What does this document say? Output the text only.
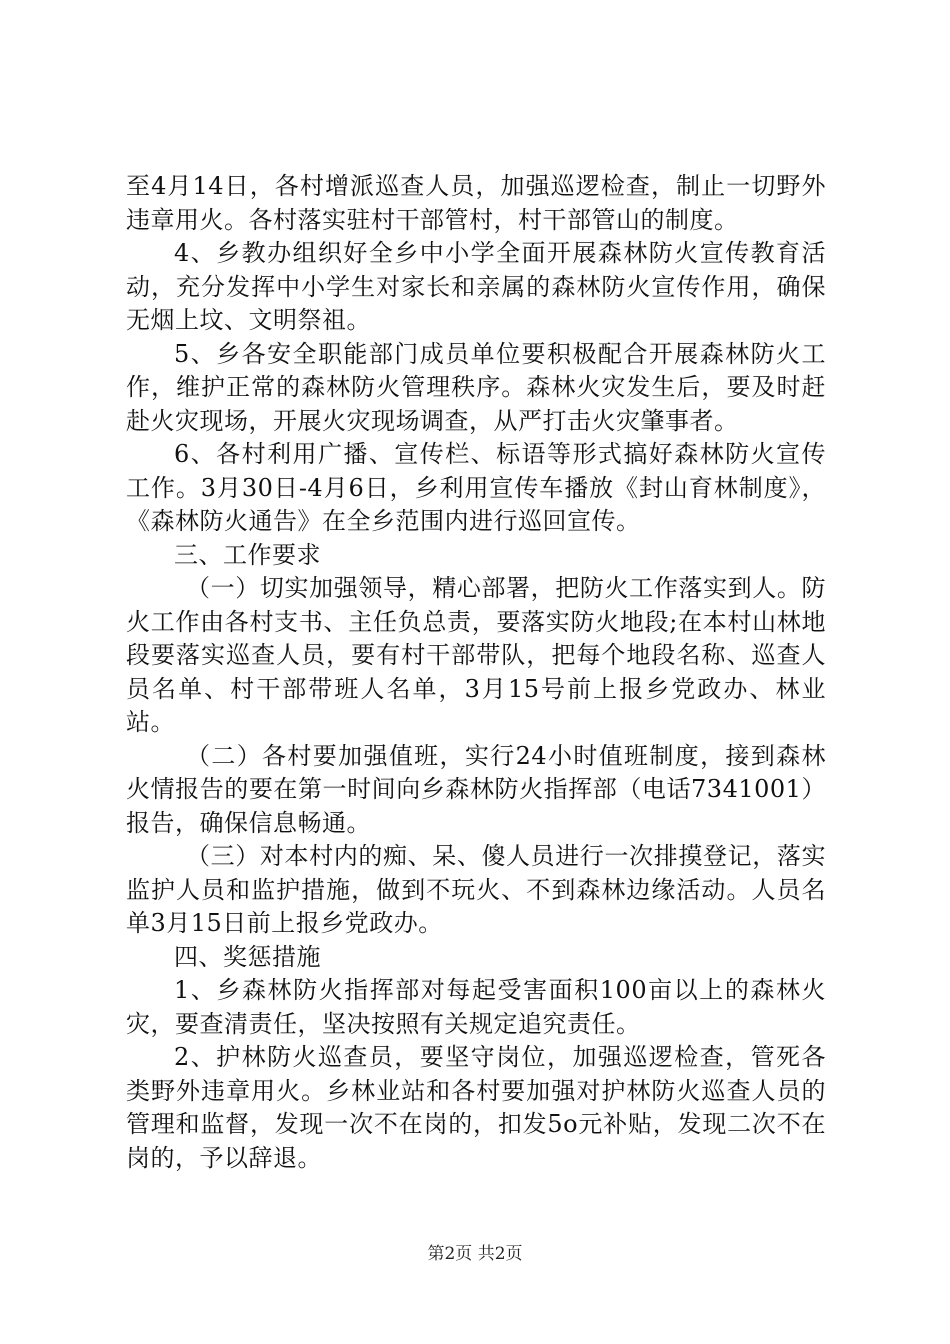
至4月14日，各村增派巡查人员，加强巡逻检查，制止一切野外违章用火。各村落实驻村干部管村，村干部管山的制度。

4、乡教办组织好全乡中小学全面开展森林防火宣传教育活动，充分发挥中小学生对家长和亲属的森林防火宣传作用，确保无烟上坟、文明祭祖。

5、乡各安全职能部门成员单位要积极配合开展森林防火工作，维护正常的森林防火管理秩序。森林火灾发生后，要及时赶赴火灾现场，开展火灾现场调查，从严打击火灾肇事者。

6、各村利用广播、宣传栏、标语等形式搞好森林防火宣传工作。3月30日-4月6日，乡利用宣传车播放《封山育林制度》，《森林防火通告》在全乡范围内进行巡回宣传。

三、工作要求

（一）切实加强领导，精心部署，把防火工作落实到人。防火工作由各村支书、主任负总责，要落实防火地段;在本村山林地段要落实巡查人员，要有村干部带队，把每个地段名称、巡查人员名单、村干部带班人名单，3月15号前上报乡党政办、林业站。

（二）各村要加强值班，实行24小时值班制度，接到森林火情报告的要在第一时间向乡森林防火指挥部（电话7341001）报告，确保信息畅通。

（三）对本村内的痴、呆、傻人员进行一次排摸登记，落实监护人员和监护措施，做到不玩火、不到森林边缘活动。人员名单3月15日前上报乡党政办。

四、奖惩措施

1、乡森林防火指挥部对每起受害面积100亩以上的森林火灾，要查清责任，坚决按照有关规定追究责任。

2、护林防火巡查员，要坚守岗位，加强巡逻检查，管死各类野外违章用火。乡林业站和各村要加强对护林防火巡查人员的管理和监督，发现一次不在岗的，扣发5o元补贴，发现二次不在岗的，予以辞退。

第2页 共2页
